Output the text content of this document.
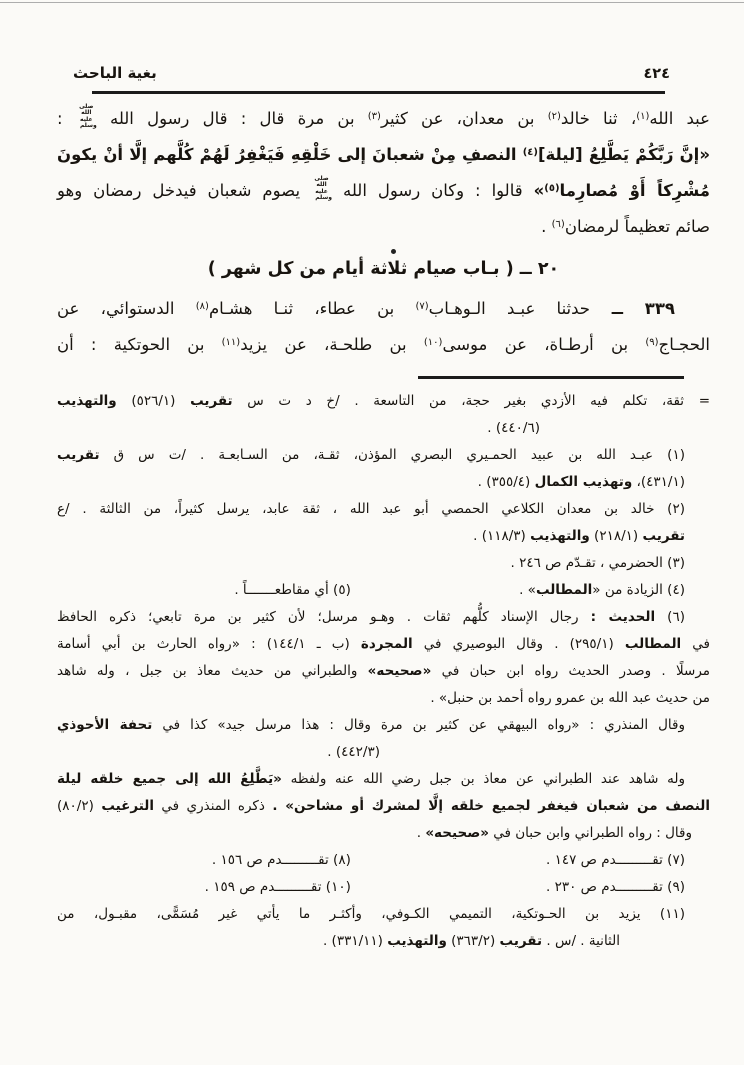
بغية الباحث	٤٢٤
عبد الله$^{(١)}$، ثنا خالد$^{(٢)}$ بن معدان، عن كثير$^{(٣)}$ بن مرة قال : قال رسول الله صلى الله عليه وسلم :
«إنَّ رَبَّكُمْ يَطَّلِعُ [ليلة]$^{(٤)}$ النصفِ مِنْ شعبانَ إلى خَلْقِهِ فَيَغْفِرُ لَهُمْ كُلَّهم إلَّا أنْ يكونَ
مُشْرِكاً أَوْ مُصارِما$^{(٥)}$» قالوا : وكان رسول الله صلى الله عليه وسلم يصوم شعبان فيدخل رمضان وهو
صائم تعظيماً لرمضان$^{(٦)}$ .
٢٠ ــ ( بـاب صيام ثلاثة أيام من كل شهر )
٣٣٩ ــ حدثنا عبـد الـوهـاب$^{(٧)}$ بن عطاء، ثنـا هشـام$^{(٨)}$ الدستوائي، عن
الحجـاج$^{(٩)}$ بن أرطـاة، عن موسى$^{(١٠)}$ بن طلحـة، عن يزيد$^{(١١)}$ بن الحوتكية : أن
= ثقة، تكلم فيه الأزدي بغير حجة، من التاسعة . /خ د ت س تقريب (٥٢٦/١) والتهذيب
(٤٤٠/٦) .
(١) عبـد الله بن عبيد الحمـيري البصري المؤذن، ثقـة، من السـابعـة . /ت س ق تقريب
(٤٣١/١)، وتهذيب الكمال (٣٥٥/٤) .
(٢) خالد بن معدان الكلاعي الحمصي أبو عبد الله ، ثقة عابد، يرسل كثيراً، من الثالثة . /ع
تقريب (٢١٨/١) والتهذيب (١١٨/٣) .
(٣) الحضرمي ، تقـدّم ص ٢٤٦ .
(٤) الزيادة من «المطالب» .
(٥) أي مقاطعـــــــاً .
(٦) الحديث : رجال الإسناد كلُّهم ثقات . وهـو مرسل؛ لأن كثير بن مرة تابعي؛ ذكره الحافظ
في المطالب (٢٩٥/١) . وقال البوصيري في المجردة (ب ـ ١٤٤/١) : «رواه الحارث بن أبي أسامة
مرسلًا . وصدر الحديث رواه ابن حبان في «صحيحه» والطبراني من حديث معاذ بن جبل ، وله شاهد
من حديث عبد الله بن عمرو رواه أحمد بن حنبل» .
وقال المنذري : «رواه البيهقي عن كثير بن مرة وقال : هذا مرسل جيد» كذا في تحفة الأحوذي
(٤٤٢/٣) .
وله شاهد عند الطبراني عن معاذ بن جبل رضي الله عنه ولفظه «يَطَّلِعُ الله إلى جميع خلقه ليلة
النصف من شعبان فيغفر لجميع خلقه إلَّا لمشرك أو مشاحن» . ذكره المنذري في الترغيب (٨٠/٢)
وقال : رواه الطبراني وابن حبان في «صحيحه» .
(٧) تقـــــــــدم ص ١٤٧ .
(٨) تقـــــــــدم ص ١٥٦ .
(٩) تقـــــــــدم ص ٢٣٠ .
(١٠) تقـــــــــدم ص ١٥٩ .
(١١) يزيد بن الحـوتكية، التميمي الكـوفي، وأكثـر ما يأتي غير مُسَمًّى، مقبـول، من
الثانية . /س . تقريب (٣٦٣/٢) والتهذيب (٣٣١/١١) .
